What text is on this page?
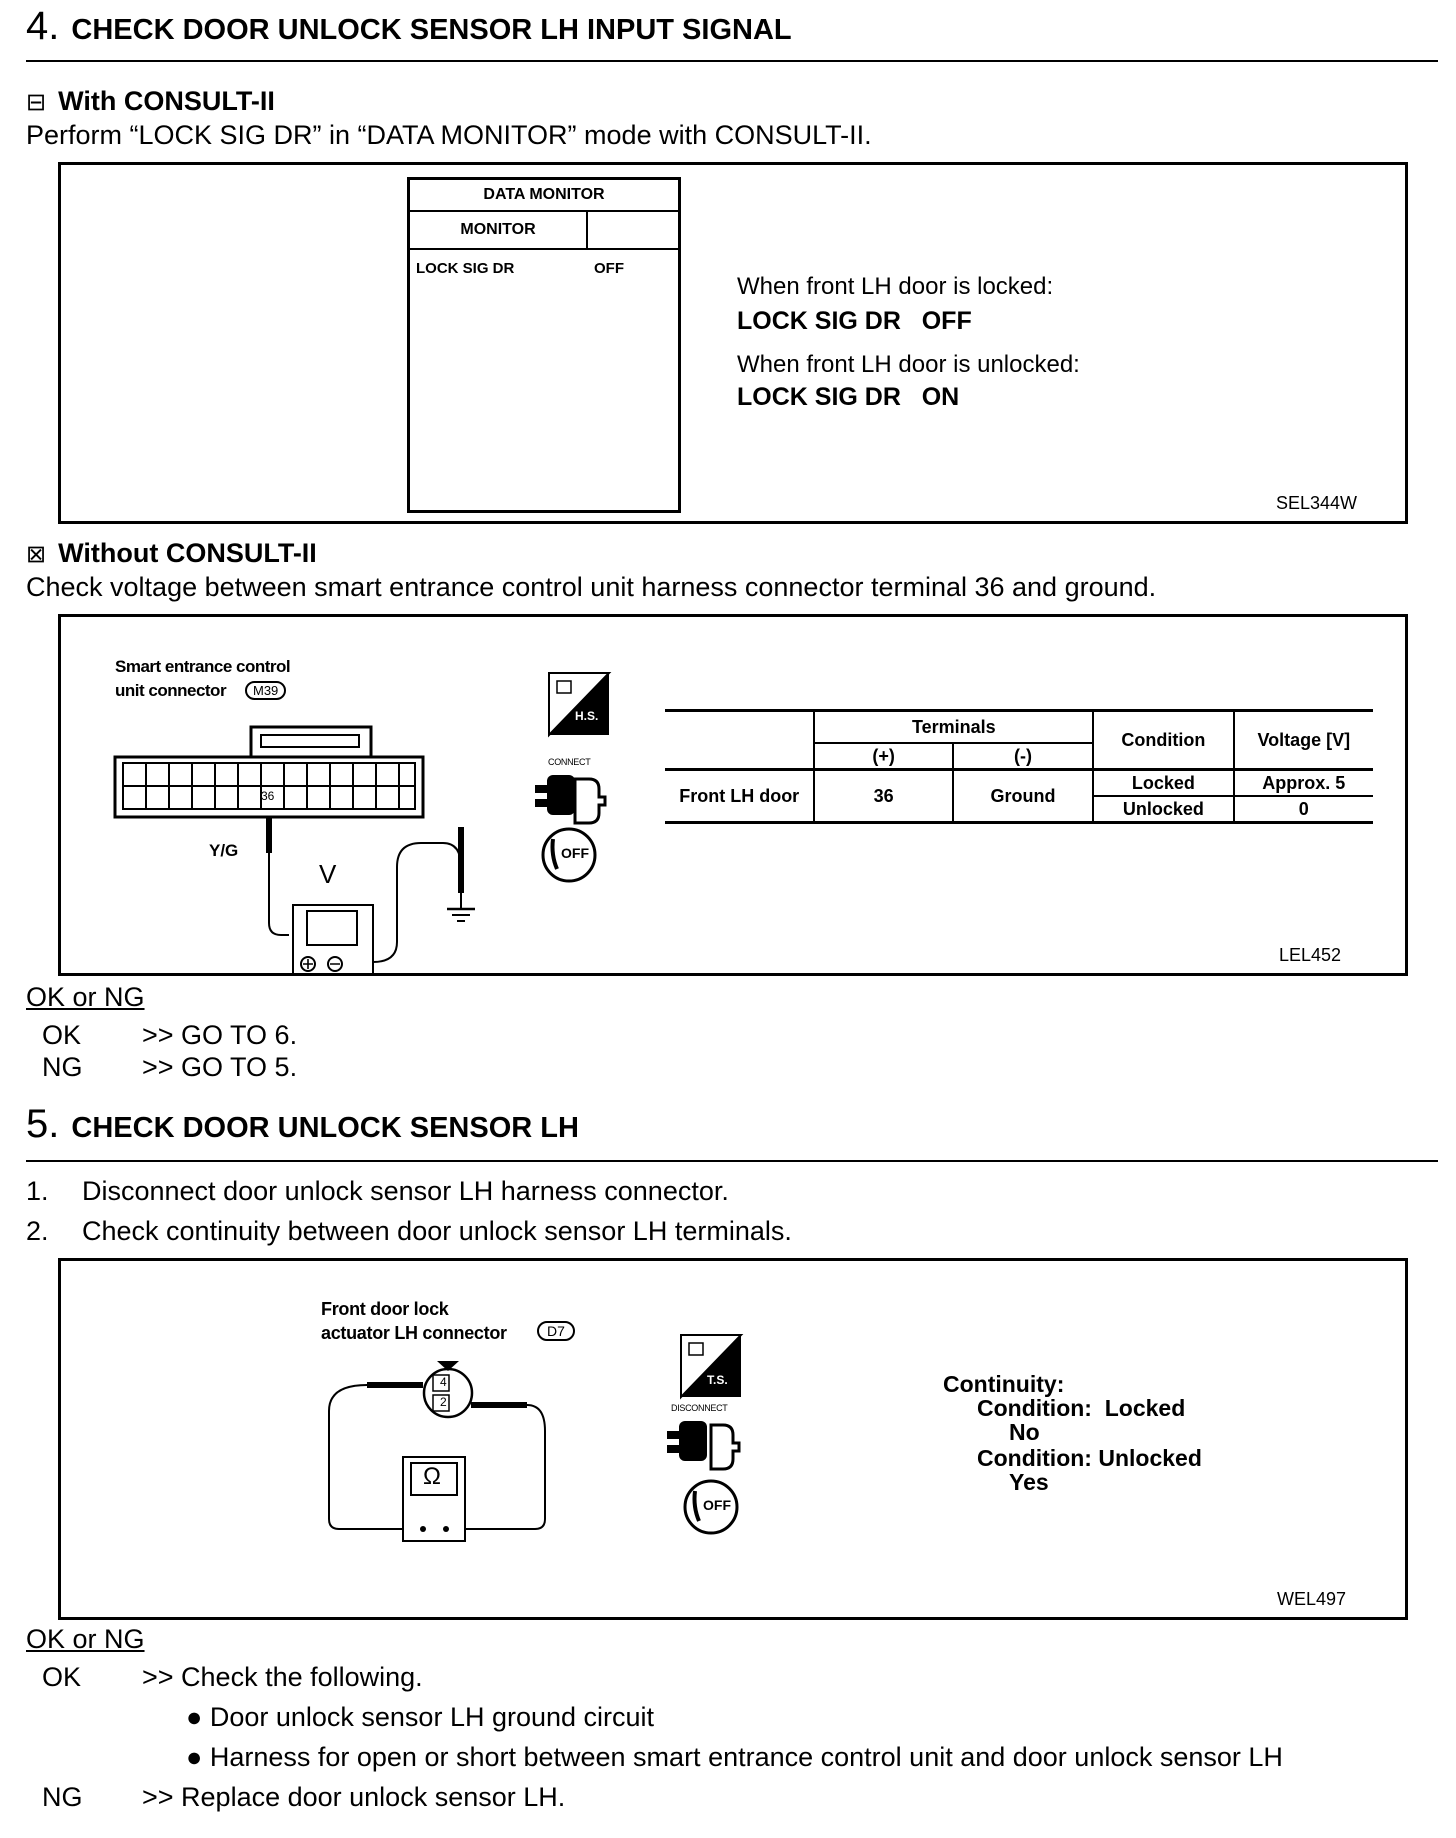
4. CHECK DOOR UNLOCK SENSOR LH INPUT SIGNAL
⊟ With CONSULT-II
Perform “LOCK SIG DR” in “DATA MONITOR” mode with CONSULT-II.
DATA MONITOR
MONITOR
LOCK SIG DR	OFF
When front LH door is locked:
LOCK SIG DR   OFF
When front LH door is unlocked:
LOCK SIG DR   ON
SEL344W
⊠ Without CONSULT-II
Check voltage between smart entrance control unit harness connector terminal 36 and ground.
Smart entrance control
unit connector	M39
36
Y/G
V
H.S.
CONNECT
OFF
	Terminals		Condition	Voltage [V]
	(+)	(-)		
Front LH door	36	Ground	Locked	Approx. 5
			Unlocked	0
LEL452
OK or NG
OK >> GO TO 6.
NG >> GO TO 5.
5. CHECK DOOR UNLOCK SENSOR LH
1. Disconnect door unlock sensor LH harness connector.
2. Check continuity between door unlock sensor LH terminals.
Front door lock
actuator LH connector	D7
4
2
Ω
T.S.
DISCONNECT
OFF
Continuity:
Condition:  Locked
No
Condition: Unlocked
Yes
WEL497
OK or NG
OK >> Check the following.
● Door unlock sensor LH ground circuit
● Harness for open or short between smart entrance control unit and door unlock sensor LH
NG >> Replace door unlock sensor LH.
